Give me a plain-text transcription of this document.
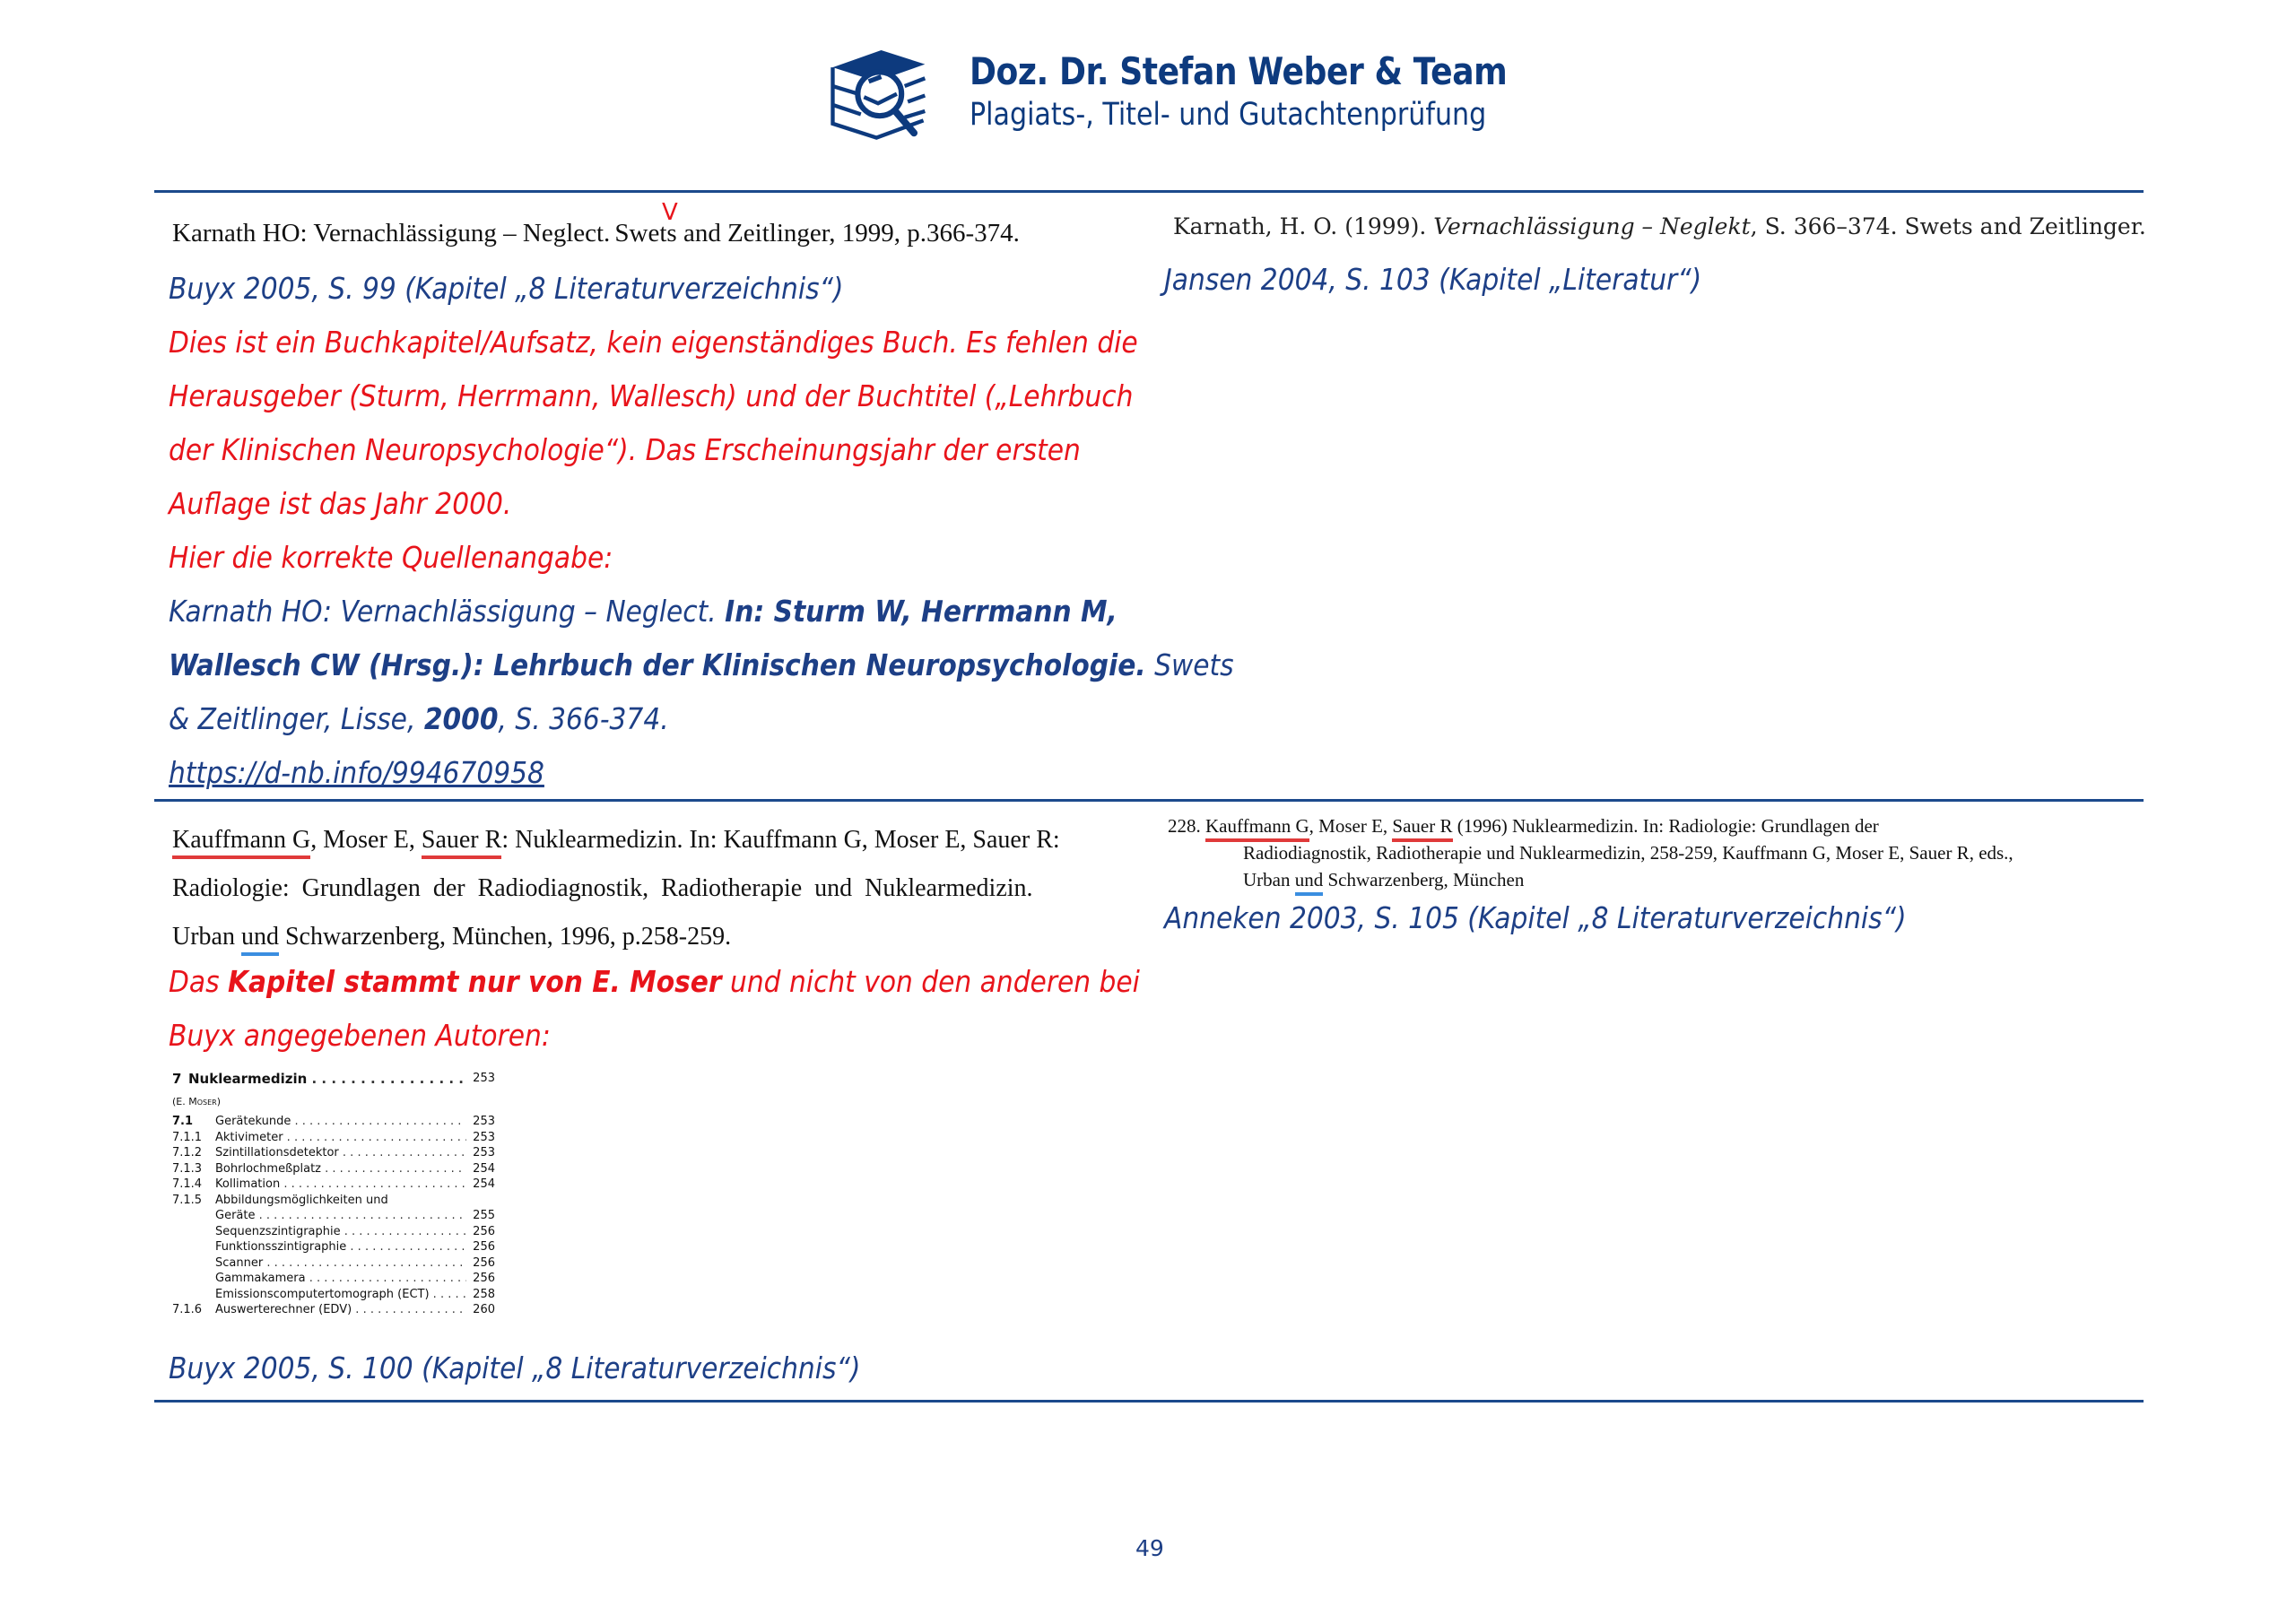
Doz. Dr. Stefan Weber & Team
Plagiats-, Titel- und Gutachtenprüfung
Karnath HO: Vernachlässigung – Neglect. Swets and Zeitlinger, 1999, p.366-374.
V
Buyx 2005, S. 99 (Kapitel „8 Literaturverzeichnis“)
Dies ist ein Buchkapitel/Aufsatz, kein eigenständiges Buch. Es fehlen die
Herausgeber (Sturm, Herrmann, Wallesch) und der Buchtitel („Lehrbuch
der Klinischen Neuropsychologie“). Das Erscheinungsjahr der ersten
Auflage ist das Jahr 2000.
Hier die korrekte Quellenangabe:
Karnath HO: Vernachlässigung – Neglect. In: Sturm W, Herrmann M,
Wallesch CW (Hrsg.): Lehrbuch der Klinischen Neuropsychologie. Swets
& Zeitlinger, Lisse, 2000, S. 366-374.
https://d-nb.info/994670958
Karnath, H. O. (1999). Vernachlässigung – Neglekt, S. 366–374. Swets and Zeitlinger.
Jansen 2004, S. 103 (Kapitel „Literatur“)
Kauffmann G, Moser E, Sauer R: Nuklearmedizin. In: Kauffmann G, Moser E, Sauer R:
Radiologie:  Grundlagen  der  Radiodiagnostik,  Radiotherapie  und  Nuklearmedizin.
Urban und Schwarzenberg, München, 1996, p.258-259.
Das Kapitel stammt nur von E. Moser und nicht von den anderen bei
Buyx angegebenen Autoren:
7 Nuklearmedizin . . .	253
(E. Moser)
7.1	Gerätekunde . . .	253
7.1.1	Aktivimeter . . .	253
7.1.2	Szintillationsdetektor . . .	253
7.1.3	Bohrlochmeßplatz . . .	254
7.1.4	Kollimation . . .	254
7.1.5	Abbildungsmöglichkeiten und
Geräte . . .	255
Sequenzszintigraphie . . .	256
Funktionsszintigraphie . . .	256
Scanner . . .	256
Gammakamera . . .	256
Emissionscomputertomograph (ECT) . . .	258
7.1.6	Auswerterechner (EDV) . . .	260
Buyx 2005, S. 100 (Kapitel „8 Literaturverzeichnis“)
228. Kauffmann G, Moser E, Sauer R (1996) Nuklearmedizin. In: Radiologie: Grundlagen der
Radiodiagnostik, Radiotherapie und Nuklearmedizin, 258-259, Kauffmann G, Moser E, Sauer R, eds.,
Urban und Schwarzenberg, München
Anneken 2003, S. 105 (Kapitel „8 Literaturverzeichnis“)
49
